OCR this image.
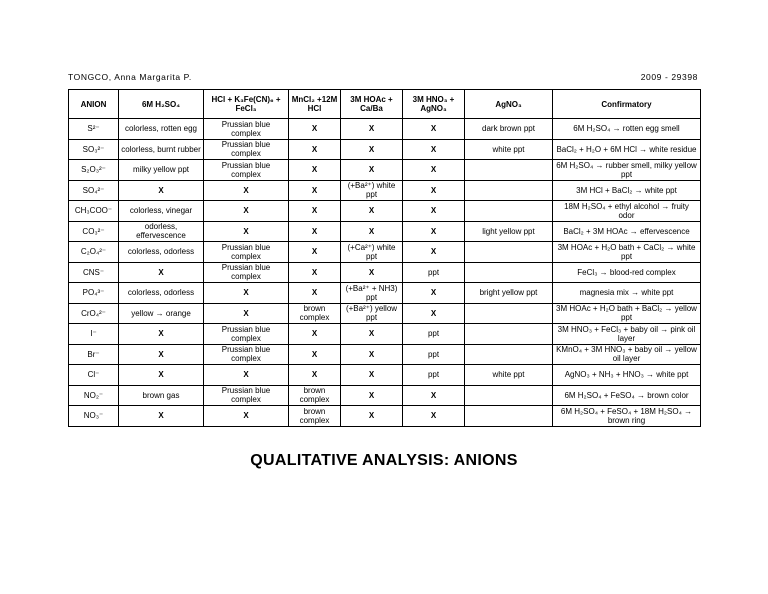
TONGCO, Anna Margarita P.	2009 - 29398
ANION	6M H₂SO₄	HCl + K₃Fe(CN)₆ + FeCl₃	MnCl₂ +12M HCl	3M HOAc + Ca/Ba	3M HNO₃ + AgNO₃	AgNO₃	Confirmatory
S²⁻	colorless, rotten egg	Prussian blue complex	X	X	X	dark brown ppt	6M H₂SO₄ → rotten egg smell
SO₃²⁻	colorless, burnt rubber	Prussian blue complex	X	X	X	white ppt	BaCl₂ + H₂O + 6M HCl → white residue
S₂O₃²⁻	milky yellow ppt	Prussian blue complex	X	X	X		6M H₂SO₄ → rubber smell, milky yellow ppt
SO₄²⁻	X	X	X	(+Ba²⁺) white ppt	X		3M HCl + BaCl₂ → white ppt
CH₃COO⁻	colorless, vinegar	X	X	X	X		18M H₂SO₄ + ethyl alcohol → fruity odor
CO₃²⁻	odorless, effervescence	X	X	X	X	light yellow ppt	BaCl₂ + 3M HOAc → effervescence
C₂O₄²⁻	colorless, odorless	Prussian blue complex	X	(+Ca²⁺) white ppt	X		3M HOAc + H₂O bath + CaCl₂ → white ppt
CNS⁻	X	Prussian blue complex	X	X	ppt		FeCl₃ → blood-red complex
PO₄³⁻	colorless, odorless	X	X	(+Ba²⁺ + NH3) ppt	X	bright yellow ppt	magnesia mix → white ppt
CrO₄²⁻	yellow → orange	X	brown complex	(+Ba²⁺) yellow ppt	X		3M HOAc + H₂O bath + BaCl₂ → yellow ppt
I⁻	X	Prussian blue complex	X	X	ppt		3M HNO₃ + FeCl₃ + baby oil → pink oil layer
Br⁻	X	Prussian blue complex	X	X	ppt		KMnO₄ + 3M HNO₃ + baby oil → yellow oil layer
Cl⁻	X	X	X	X	ppt	white ppt	AgNO₃ + NH₃ + HNO₃ → white ppt
NO₂⁻	brown gas	Prussian blue complex	brown complex	X	X		6M H₂SO₄ + FeSO₄ → brown color
NO₃⁻	X	X	brown complex	X	X		6M H₂SO₄ + FeSO₄ + 18M H₂SO₄ → brown ring
QUALITATIVE ANALYSIS: ANIONS
